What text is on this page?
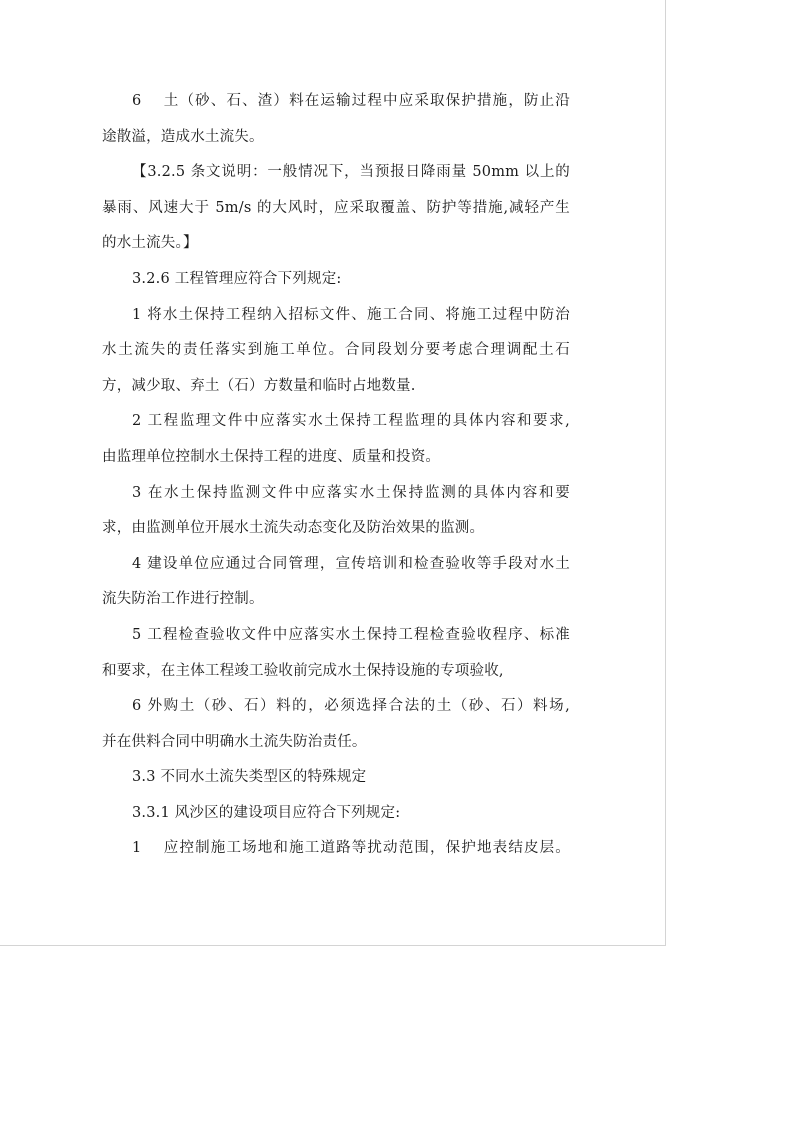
6　 土（砂、石、渣）料在运输过程中应采取保护措施，防止沿
途散溢，造成水土流失。
【3.2.5 条文说明：一般情况下，当预报日降雨量 50mm 以上的
暴雨、风速大于 5m/s 的大风时，应采取覆盖、防护等措施,减轻产生
的水土流失。】
3.2.6 工程管理应符合下列规定:
1 将水土保持工程纳入招标文件、施工合同、将施工过程中防治
水土流失的责任落实到施工单位。合同段划分要考虑合理调配土石
方，减少取、弃土（石）方数量和临时占地数量.
2 工程监理文件中应落实水土保持工程监理的具体内容和要求,
由监理单位控制水土保持工程的进度、质量和投资。
3 在水土保持监测文件中应落实水土保持监测的具体内容和要
求，由监测单位开展水土流失动态变化及防治效果的监测。
4 建设单位应通过合同管理，宣传培训和检查验收等手段对水土
流失防治工作进行控制。
5 工程检查验收文件中应落实水土保持工程检查验收程序、标准
和要求，在主体工程竣工验收前完成水土保持设施的专项验收,
6 外购土（砂、石）料的，必须选择合法的土（砂、石）料场,
并在供料合同中明确水土流失防治责任。
3.3 不同水土流失类型区的特殊规定
3.3.1 风沙区的建设项目应符合下列规定:
1　 应控制施工场地和施工道路等扰动范围，保护地表结皮层。
